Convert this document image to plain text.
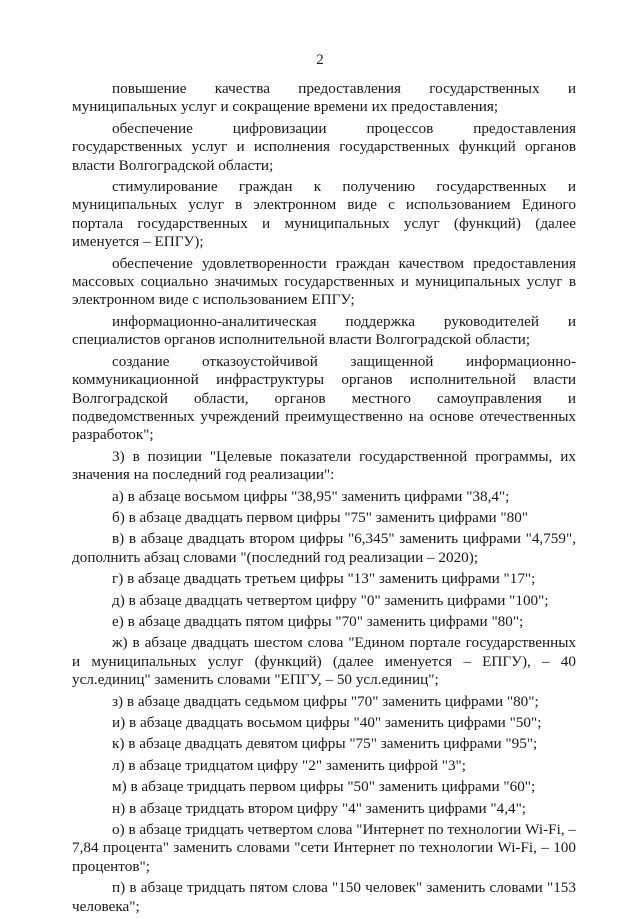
2

повышение качества предоставления государственных и муниципальных услуг и сокращение времени их предоставления;

обеспечение цифровизации процессов предоставления государственных услуг и исполнения государственных функций органов власти Волгоградской области;

стимулирование граждан к получению государственных и муниципальных услуг в электронном виде с использованием Единого портала государственных и муниципальных услуг (функций) (далее именуется – ЕПГУ);

обеспечение удовлетворенности граждан качеством предоставления массовых социально значимых государственных и муниципальных услуг в электронном виде с использованием ЕПГУ;

информационно-аналитическая поддержка руководителей и специалистов органов исполнительной власти Волгоградской области;

создание отказоустойчивой защищенной информационно-коммуникационной инфраструктуры органов исполнительной власти Волгоградской области, органов местного самоуправления и подведомственных учреждений преимущественно на основе отечественных разработок";

3) в позиции "Целевые показатели государственной программы, их значения на последний год реализации":

а) в абзаце восьмом цифры "38,95" заменить цифрами "38,4";

б) в абзаце двадцать первом цифры "75" заменить цифрами "80"

в) в абзаце двадцать втором цифры "6,345" заменить цифрами "4,759", дополнить абзац словами "(последний год реализации – 2020);

г) в абзаце двадцать третьем цифры "13" заменить цифрами "17";

д) в абзаце двадцать четвертом цифру "0" заменить цифрами "100";

е) в абзаце двадцать пятом цифры "70" заменить цифрами "80";

ж) в абзаце двадцать шестом слова "Едином портале государственных и муниципальных услуг (функций) (далее именуется – ЕПГУ), – 40 усл.единиц" заменить словами "ЕПГУ, – 50 усл.единиц";

з) в абзаце двадцать седьмом цифры "70" заменить цифрами "80";

и) в абзаце двадцать восьмом цифры "40" заменить цифрами "50";

к) в абзаце двадцать девятом цифры "75" заменить цифрами "95";

л) в абзаце тридцатом цифру "2" заменить цифрой "3";

м) в абзаце тридцать первом цифры "50" заменить цифрами "60";

н) в абзаце тридцать втором цифру "4" заменить цифрами "4,4";

о) в абзаце тридцать четвертом слова "Интернет по технологии Wi-Fi, – 7,84 процента" заменить словами "сети Интернет по технологии Wi-Fi, – 100 процентов";

п) в абзаце тридцать пятом слова "150 человек" заменить словами "153 человека";
